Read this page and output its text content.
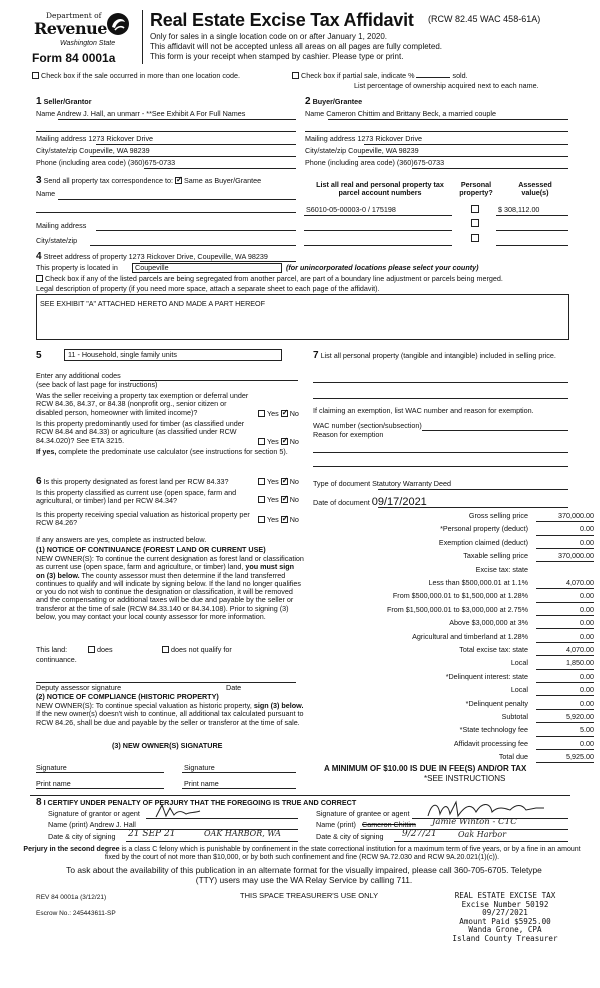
Department of
Revenue
Washington State
Form 84 0001a
Real Estate Excise Tax Affidavit (RCW 82.45 WAC 458-61A)
Only for sales in a single location code on or after January 1, 2020.
This affidavit will not be accepted unless all areas on all pages are fully completed.
This form is your receipt when stamped by cashier. Please type or print.
Check box if the sale occurred in more than one location code.	Check box if partial sale, indicate %	sold.
List percentage of ownership acquired next to each name.
1 Seller/Grantor
Name Andrew J. Hall, an unmarr - **See Exhibit A For Full Names
Mailing address 1273 Rickover Drive
City/state/zip Coupeville, WA 98239
Phone (including area code) (360)675-0733
2 Buyer/Grantee
Name Cameron Chittim and Brittany Beck, a married couple
Mailing address 1273 Rickover Drive
City/state/zip Coupeville, WA 98239
Phone (including area code) (360)675-0733
3 Send all property tax correspondence to: ✓ Same as Buyer/Grantee
Name
Mailing address
City/state/zip
List all real and personal property tax parcel account numbers
Personal property?
Assessed value(s)
S6010-05-00003-0 / 175198	$ 308,112.00
4 Street address of property 1273 Rickover Drive, Coupeville, WA 98239
This property is located in Coupeville	(for unincorporated locations please select your county)
Check box if any of the listed parcels are being segregated from another parcel, are part of a boundary line adjustment or parcels being merged.
Legal description of property (if you need more space, attach a separate sheet to each page of the affidavit).
SEE EXHIBIT "A" ATTACHED HERETO AND MADE A PART HEREOF
5	11 - Household, single family units
Enter any additional codes
(see back of last page for instructions)
Was the seller receiving a property tax exemption or deferral under RCW 84.36, 84.37, or 84.38 (nonprofit org., senior citizen or disabled person, homeowner with limited income)?	Yes ✓ No
Is this property predominantly used for timber (as classified under RCW 84.84 and 84.33) or agriculture (as classified under RCW 84.34.020)? See ETA 3215.	Yes ✓ No
If yes, complete the predominate use calculator (see instructions for section 5).
7 List all personal property (tangible and intangible) included in selling price.
If claiming an exemption, list WAC number and reason for exemption.
WAC number (section/subsection)
Reason for exemption
6 Is this property designated as forest land per RCW 84.33?	Yes ✓ No
Is this property classified as current use (open space, farm and agricultural, or timber) land per RCW 84.34?	Yes ✓ No
Is this property receiving special valuation as historical property per RCW 84.26?	Yes ✓ No
If any answers are yes, complete as instructed below.
(1) NOTICE OF CONTINUANCE (FOREST LAND OR CURRENT USE)
NEW OWNER(S): To continue the current designation as forest land or classification as current use (open space, farm and agriculture, or timber) land, you must sign on (3) below. The county assessor must then determine if the land transferred continues to qualify and will indicate by signing below. If the land no longer qualifies or you do not wish to continue the designation or classification, it will be removed and the compensating or additional taxes will be due and payable by the seller or transferor at the time of sale (RCW 84.33.140 or 84.34.108). Prior to signing (3) below, you may contact your local county assessor for more information.
This land:	does	does not qualify for
continuance.
Deputy assessor signature	Date
(2) NOTICE OF COMPLIANCE (HISTORIC PROPERTY)
NEW OWNER(S): To continue special valuation as historic property, sign (3) below. If the new owner(s) doesn't wish to continue, all additional tax calculated pursuant to RCW 84.26, shall be due and payable by the seller or transferor at the time of sale.
(3) NEW OWNER(S) SIGNATURE
Signature	Signature
Print name	Print name
Type of document Statutory Warranty Deed
Date of document 09/17/2021
Gross selling price	370,000.00
*Personal property (deduct)	0.00
Exemption claimed (deduct)	0.00
Taxable selling price	370,000.00
Excise tax: state
Less than $500,000.01 at 1.1%	4,070.00
From $500,000.01 to $1,500,000 at 1.28%	0.00
From $1,500,000.01 to $3,000,000 at 2.75%	0.00
Above $3,000,000 at 3%	0.00
Agricultural and timberland at 1.28%	0.00
Total excise tax: state	4,070.00
Local	1,850.00
*Delinquent interest: state	0.00
Local	0.00
*Delinquent penalty	0.00
Subtotal	5,920.00
*State technology fee	5.00
Affidavit processing fee	0.00
Total due	5,925.00
A MINIMUM OF $10.00 IS DUE IN FEE(S) AND/OR TAX
*SEE INSTRUCTIONS
8 I CERTIFY UNDER PENALTY OF PERJURY THAT THE FOREGOING IS TRUE AND CORRECT
Signature of grantor or agent
Name (print) Andrew J. Hall
Date & city of signing 21 SEP 21	OAK HARBOR, WA
Signature of grantee or agent
Name (print) Cameron Chittim Jamie Winton - CTC
Date & city of signing 9/27/21	Oak Harbor
Perjury in the second degree is a class C felony which is punishable by confinement in the state correctional institution for a maximum term of five years, or by a fine in an amount fixed by the court of not more than $10,000, or by both such confinement and fine (RCW 9A.72.030 and RCW 9A.20.021(1)(c)).
To ask about the availability of this publication in an alternate format for the visually impaired, please call 360-705-6705. Teletype (TTY) users may use the WA Relay Service by calling 711.
REV 84 0001a (3/12/21)	THIS SPACE TREASURER'S USE ONLY
Escrow No.: 245443611-SP
REAL ESTATE EXCISE TAX
Excise Number 50192
09/27/2021
Amount Paid $5925.00
Wanda Grone, CPA
Island County Treasurer
